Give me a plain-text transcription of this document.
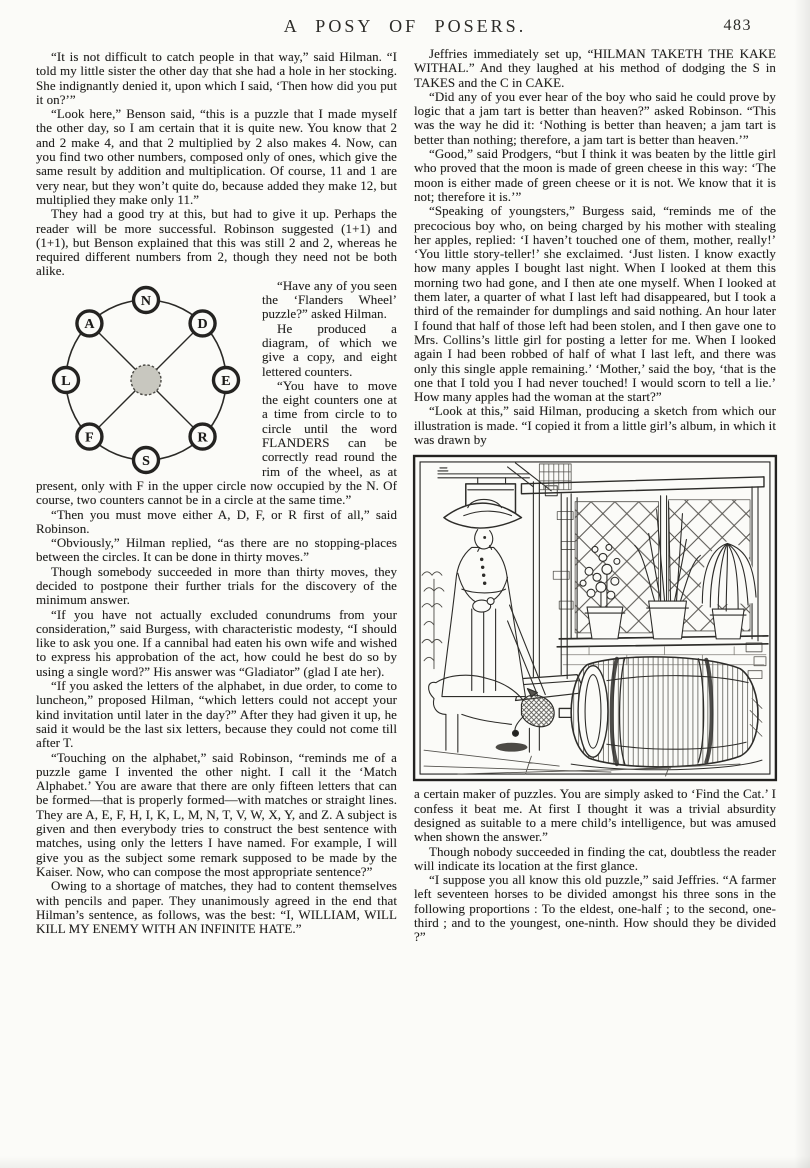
A POSY OF POSERS.	483

“It is not difficult to catch people in that way,” said Hilman. “I told my little sister the other day that she had a hole in her stocking. She indignantly denied it, upon which I said, ‘Then how did you put it on?’”

“Look here,” Benson said, “this is a puzzle that I made myself the other day, so I am certain that it is quite new. You know that 2 and 2 make 4, and that 2 multiplied by 2 also makes 4. Now, can you find two other numbers, composed only of ones, which give the same result by addition and multiplication. Of course, 11 and 1 are very near, but they won’t quite do, because added they make 12, but multiplied they make only 11.”

They had a good try at this, but had to give it up. Perhaps the reader will be more successful. Robinson suggested (1+1) and (1+1), but Benson explained that this was still 2 and 2, whereas he required different numbers from 2, though they need not be both alike.

N
D
E
R
S
F
L
A

“Have any of you seen the ‘Flanders Wheel’ puzzle?” asked Hilman.

He produced a diagram, of which we give a copy, and eight lettered counters.

“You have to move the eight counters one at a time from circle to to circle until the word FLANDERS can be correctly read round the rim of the wheel, as at present, only with F in the upper circle now occupied by the N. Of course, two counters cannot be in a circle at the same time.”

“Then you must move either A, D, F, or R first of all,” said Robinson.

“Obviously,” Hilman replied, “as there are no stopping-places between the circles. It can be done in thirty moves.”

Though somebody succeeded in more than thirty moves, they decided to postpone their further trials for the discovery of the minimum answer.

“If you have not actually excluded conundrums from your consideration,” said Burgess, with characteristic modesty, “I should like to ask you one. If a cannibal had eaten his own wife and wished to express his approbation of the act, how could he best do so by using a single word?” His answer was “Gladiator” (glad I ate her).

“If you asked the letters of the alphabet, in due order, to come to luncheon,” proposed Hilman, “which letters could not accept your kind invitation until later in the day?” After they had given it up, he said it would be the last six letters, because they could not come till after T.

“Touching on the alphabet,” said Robinson, “reminds me of a puzzle game I invented the other night. I call it the ‘Match Alphabet.’ You are aware that there are only fifteen letters that can be formed—that is properly formed—with matches or straight lines. They are A, E, F, H, I, K, L, M, N, T, V, W, X, Y, and Z. A subject is given and then everybody tries to construct the best sentence with matches, using only the letters I have named. For example, I will give you as the subject some remark supposed to be made by the Kaiser. Now, who can compose the most appropriate sentence?”

Owing to a shortage of matches, they had to content themselves with pencils and paper. They unanimously agreed in the end that Hilman’s sentence, as follows, was the best: “I, WILLIAM, WILL KILL MY ENEMY WITH AN INFINITE HATE.”

Jeffries immediately set up, “HILMAN TAKETH THE KAKE WITHAL.” And they laughed at his method of dodging the S in TAKES and the C in CAKE.

“Did any of you ever hear of the boy who said he could prove by logic that a jam tart is better than heaven?” asked Robinson. “This was the way he did it: ‘Nothing is better than heaven; a jam tart is better than nothing; therefore, a jam tart is better than heaven.’”

“Good,” said Prodgers, “but I think it was beaten by the little girl who proved that the moon is made of green cheese in this way: ‘The moon is either made of green cheese or it is not. We know that it is not; therefore it is.’”

“Speaking of youngsters,” Burgess said, “reminds me of the precocious boy who, on being charged by his mother with stealing her apples, replied: ‘I haven’t touched one of them, mother, really!’ ‘You little story-teller!’ she exclaimed. ‘Just listen. I know exactly how many apples I bought last night. When I looked at them this morning two had gone, and I then ate one myself. When I looked at them later, a quarter of what I last left had disappeared, but I took a third of the remainder for dumplings and said nothing. An hour later I found that half of those left had been stolen, and I then gave one to Mrs. Collins’s little girl for posting a letter for me. When I looked again I had been robbed of half of what I last left, and there was only this single apple remaining.’ ‘Mother,’ said the boy, ‘that is the one that I told you I had never touched! I would scorn to tell a lie.’ How many apples had the woman at the start?”

“Look at this,” said Hilman, producing a sketch from which our illustration is made. “I copied it from a little girl’s album, in which it was drawn by

a certain maker of puzzles. You are simply asked to ‘Find the Cat.’ I confess it beat me. At first I thought it was a trivial absurdity designed as suitable to a mere child’s intelligence, but was amused when shown the answer.”

Though nobody succeeded in finding the cat, doubtless the reader will indicate its location at the first glance.

“I suppose you all know this old puzzle,” said Jeffries. “A farmer left seventeen horses to be divided amongst his three sons in the following proportions : To the eldest, one-half ; to the second, one-third ; and to the youngest, one-ninth. How should they be divided ?”
